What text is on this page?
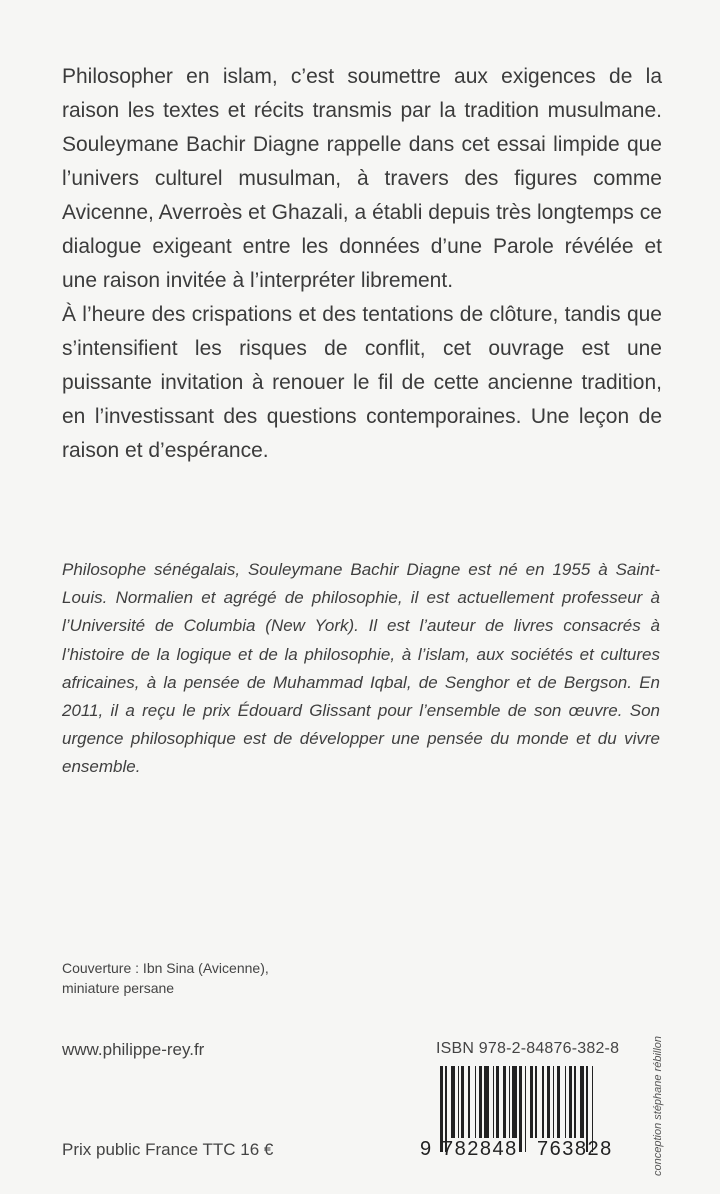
Philosopher en islam, c’est soumettre aux exigences de la raison les textes et récits transmis par la tradition musulmane. Souleymane Bachir Diagne rappelle dans cet essai limpide que l’univers culturel musulman, à travers des figures comme Avicenne, Averroès et Ghazali, a établi depuis très longtemps ce dialogue exigeant entre les données d’une Parole révélée et une raison invitée à l’interpréter librement.

À l’heure des crispations et des tentations de clôture, tandis que s’intensifient les risques de conflit, cet ouvrage est une puissante invitation à renouer le fil de cette ancienne tradition, en l’investissant des questions contemporaines. Une leçon de raison et d’espérance.

Philosophe sénégalais, Souleymane Bachir Diagne est né en 1955 à Saint-Louis. Normalien et agrégé de philosophie, il est actuellement professeur à l’Université de Columbia (New York). Il est l’auteur de livres consacrés à l’histoire de la logique et de la philosophie, à l’islam, aux sociétés et cultures africaines, à la pensée de Muhammad Iqbal, de Senghor et de Bergson. En 2011, il a reçu le prix Édouard Glissant pour l’ensemble de son œuvre. Son urgence philosophique est de développer une pensée du monde et du vivre ensemble.

Couverture : Ibn Sina (Avicenne),
miniature persane
www.philippe-rey.fr
Prix public France TTC 16 €
ISBN 978-2-84876-382-8
9 782848 763828	conception stéphane rébillon
